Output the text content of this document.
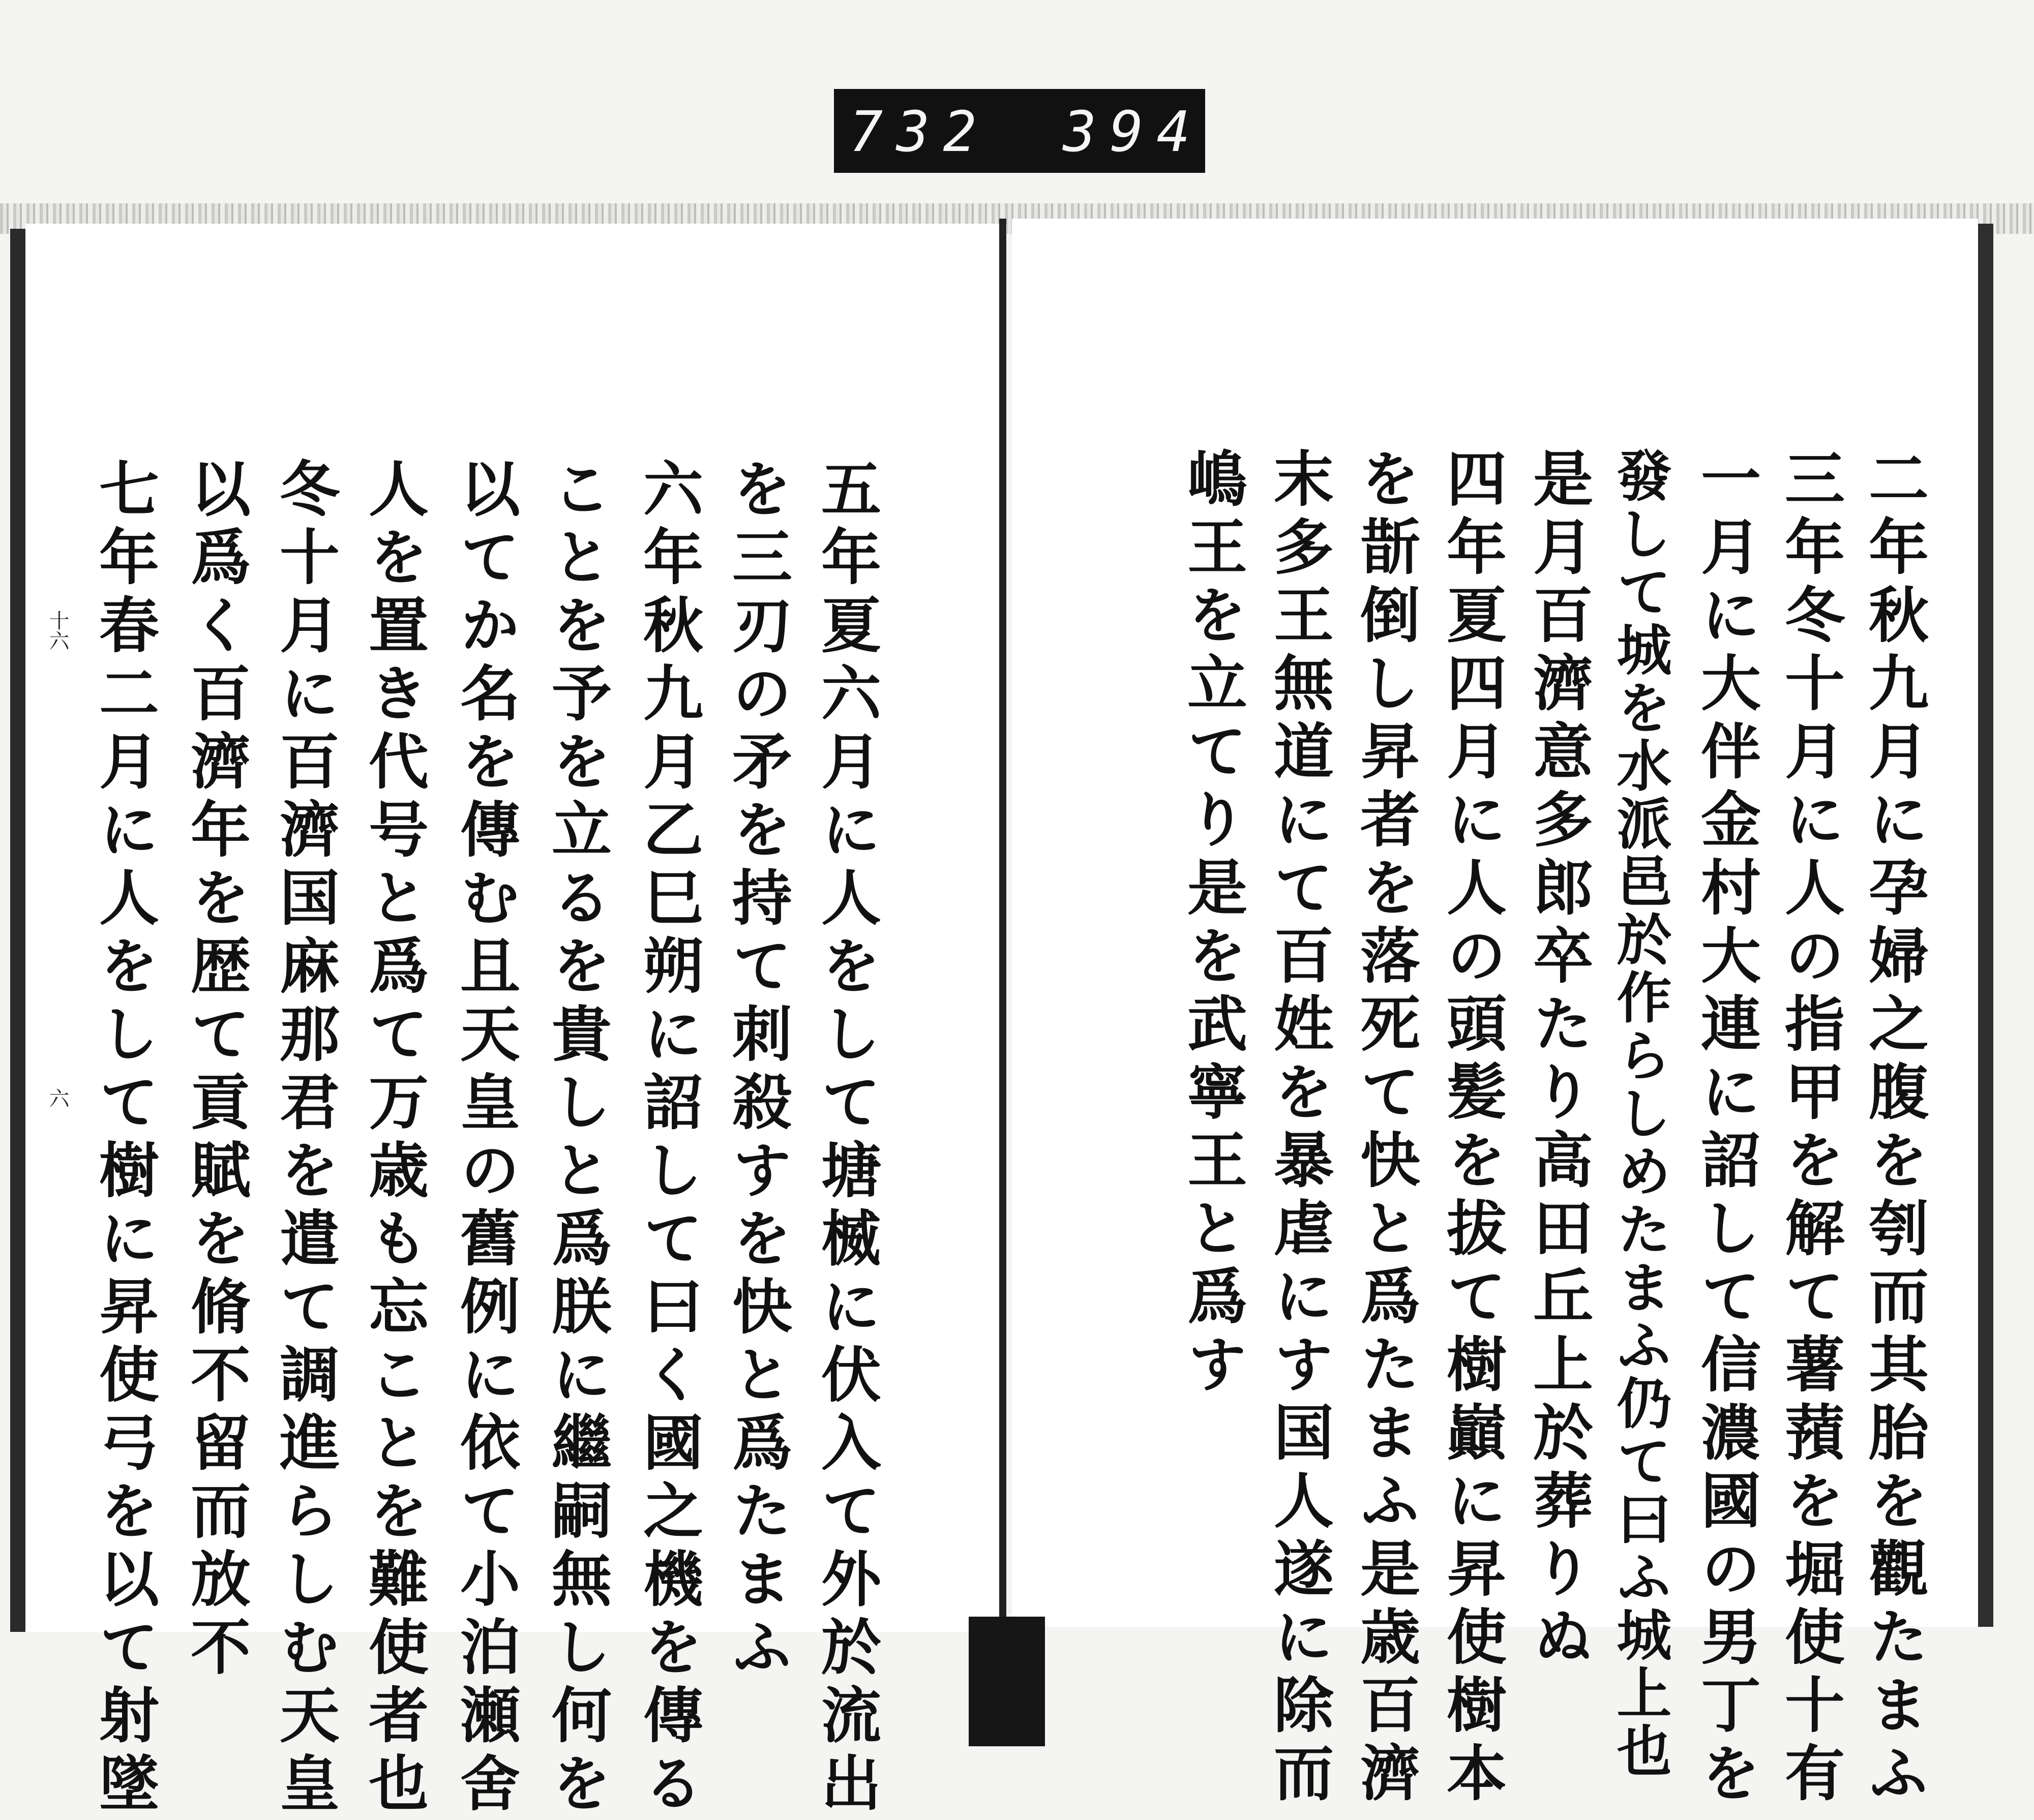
732 394
二年秋九月に孕婦之腹を刳而其胎を觀たまふ
三年冬十月に人の指甲を解て薯蕷を堀使十有
一月に大伴金村大連に詔して信濃國の男丁を
發して城を水派邑於作らしめたまふ仍て曰ふ城上也
是月百濟意多郎卒たり高田丘上於葬りぬ
四年夏四月に人の頭髪を拔て樹巓に昇使樹本
を斮倒し昇者を落死て快と爲たまふ是歳百濟
末多王無道にて百姓を暴虐にす国人遂に除而
嶋王を立てり是を武寧王と爲す
五年夏六月に人をして塘楲に伏入て外於流出
を三刃の矛を持て刺殺すを快と爲たまふ
六年秋九月乙巳朔に詔して曰く國之機を傳る
ことを予を立るを貴しと爲朕に繼嗣無し何を
以てか名を傳む且天皇の舊例に依て小泊瀬舍
人を置き代号と爲て万歳も忘ことを難使者也
冬十月に百濟国麻那君を遣て調進らしむ天皇
以爲く百濟年を歴て貢賦を脩不留而放不
七年春二月に人をして樹に昇使弓を以て射墜
十六
六
